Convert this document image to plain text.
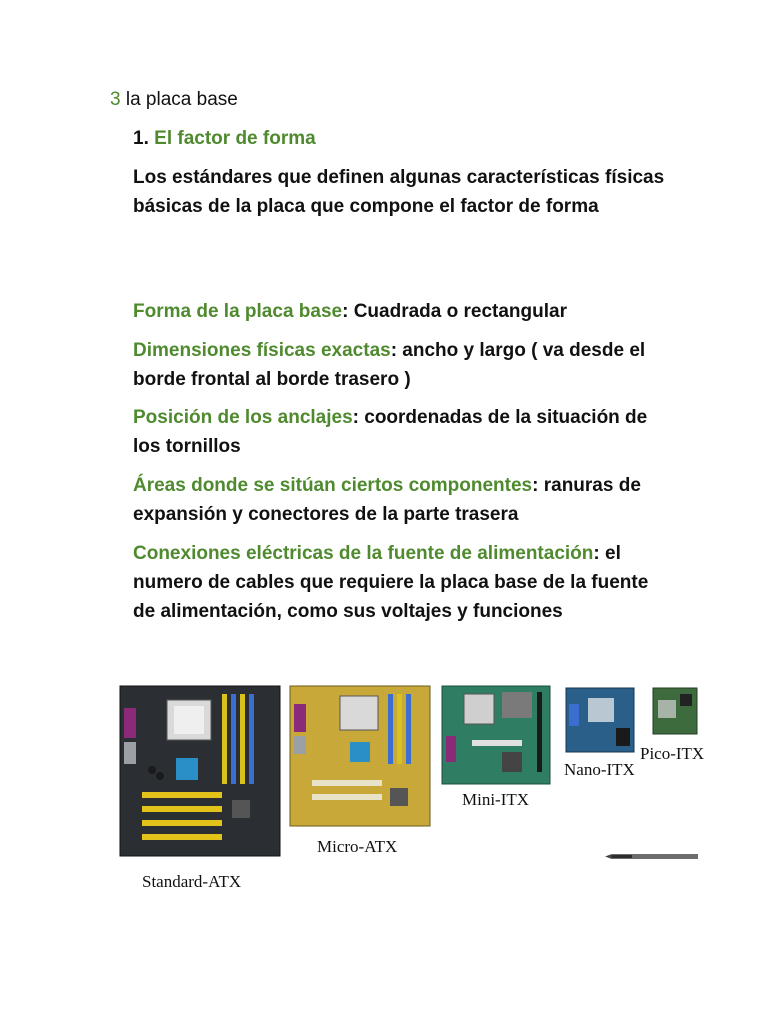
3 la placa base
1. El factor de forma

Los estándares que definen algunas características físicas básicas de la placa que compone el factor de forma

Forma de la placa base: Cuadrada o rectangular

Dimensiones físicas exactas: ancho y largo ( va desde el borde frontal al borde trasero )

Posición de los anclajes: coordenadas de la situación de los tornillos

Áreas donde se sitúan ciertos componentes: ranuras de expansión y conectores de la parte trasera

Conexiones eléctricas de la fuente de alimentación: el numero de cables que requiere la placa base de la fuente de alimentación, como sus voltajes y funciones

Standard-ATX
Micro-ATX
Mini-ITX
Nano-ITX
Pico-ITX
